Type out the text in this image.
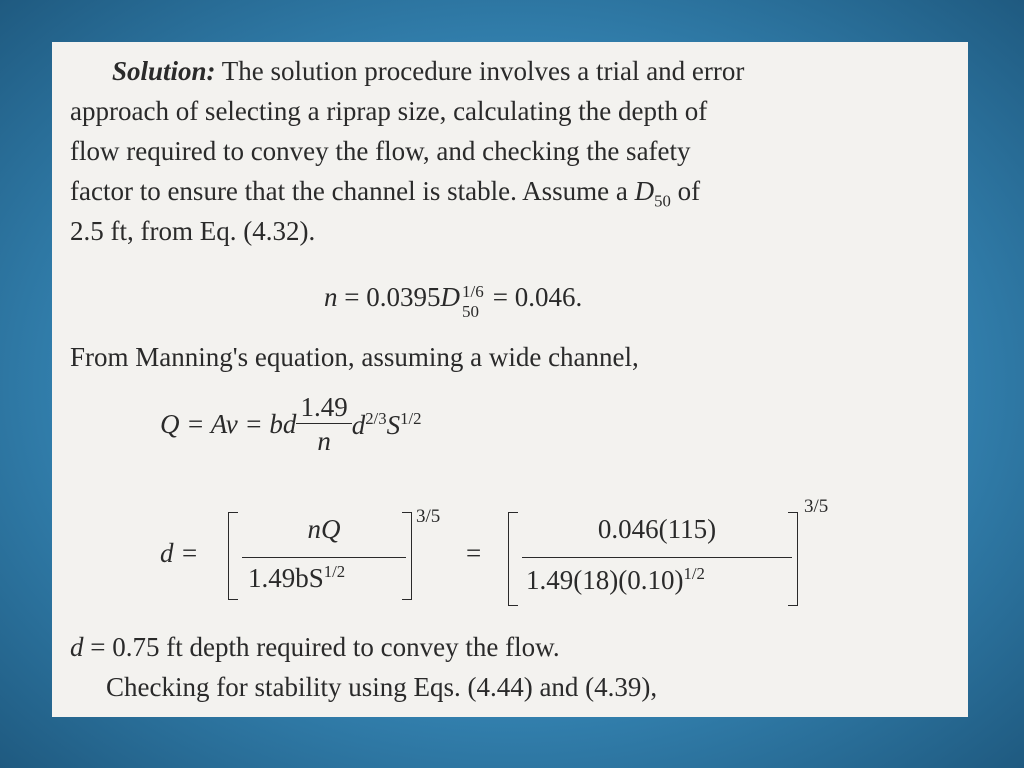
Solution: The solution procedure involves a trial and error
approach of selecting a riprap size, calculating the depth of
flow required to convey the flow, and checking the safety
factor to ensure that the channel is stable. Assume a $D_{50}$ of
2.5 ft, from Eq. (4.32).
n = 0.0395D 1/6
50 = 0.046.
From Manning's equation, assuming a wide channel,
Q = Av = bd $\frac{1.49}{n} d^{2/3}S^{1/2}$
d =
nQ
$1.49bS^{1/2}$
3/5
=
0.046(115)
$1.49(18)(0.10)^{1/2}$
3/5
d = 0.75 ft depth required to convey the flow.
Checking for stability using Eqs. (4.44) and (4.39),
